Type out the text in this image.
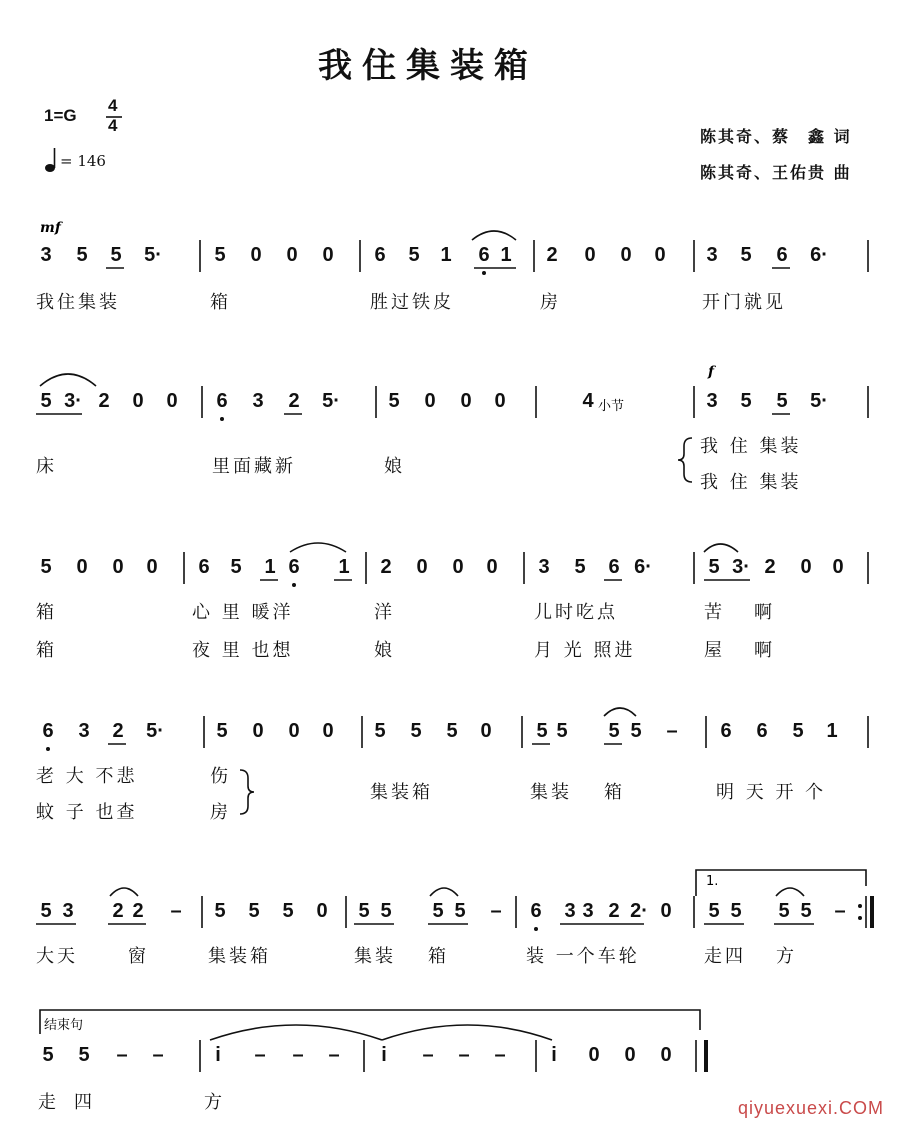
我住集装箱
1=G
4
4
= 146
陈其奇、蔡　鑫 词
陈其奇、王佑贵 曲
mf
3 5 5	5·	5 0 0 0 6 5 1 6 1 2 0 0 0 3 5 6	6·
我住集装	箱	胜过铁皮	房	开门就见
f
5 3· 2 0 0 6 3 2	5·	5 0 0 0	4 小节	3 5 5	5·
床	里面藏新	娘
我 住 集装
我 住 集装
5 0 0 0 6 5 1 6 1 2 0 0 0 3 5 6 6·	5 3· 2 0 0
箱	心 里 暖洋	洋	儿时吃点	苦 啊
箱	夜 里 也想	娘	月 光 照进	屋 啊
6 3 2	5·	5 0 0 0 5 5 5 0 5 5 5 5 – 6 6 5 1
老 大 不悲	伤
蚊 子 也查	房
集装箱	集装 箱	明 天 开 个
1.
5 3 2 2 – 5 5 5 0 5 5 5 5 – 6 3 3 2 2· 0 5 5 5 5 –
大天	窗	集装箱	集装 箱	装 一个车轮	走四 方
结束句
5 5 – –	i	– – –	i	– – –	i	0 0 0
走 四	方	qiyuexuexi.COM
